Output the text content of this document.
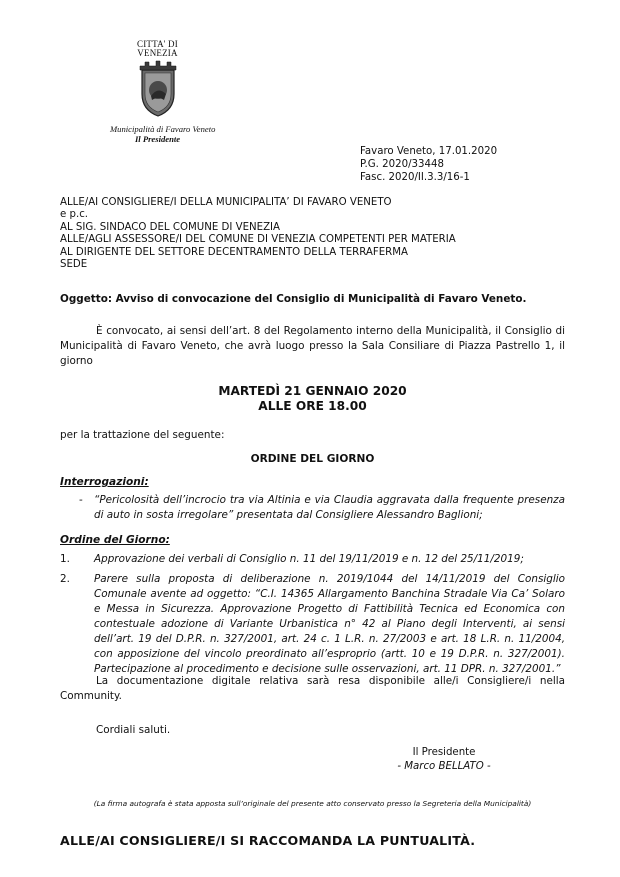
CITTA' DI
VENEZIA
Municipalità di Favaro Veneto
Il Presidente
Favaro Veneto, 17.01.2020
P.G. 2020/33448
Fasc. 2020/II.3.3/16-1
ALLE/AI CONSIGLIERE/I DELLA MUNICIPALITA’ DI FAVARO VENETO
e p.c.
AL SIG. SINDACO DEL COMUNE DI VENEZIA
ALLE/AGLI ASSESSORE/I DEL COMUNE DI VENEZIA COMPETENTI PER MATERIA
AL DIRIGENTE DEL SETTORE DECENTRAMENTO DELLA TERRAFERMA
SEDE
Oggetto: Avviso di convocazione del Consiglio di Municipalità di Favaro Veneto.
È convocato, ai sensi dell’art. 8 del Regolamento interno della Municipalità, il Consiglio di Municipalità di Favaro Veneto, che avrà luogo presso la Sala Consiliare di Piazza Pastrello 1, il giorno
MARTEDÌ 21 GENNAIO 2020
ALLE ORE 18.00
per la trattazione del seguente:
ORDINE DEL GIORNO
Interrogazioni:
- “Pericolosità dell’incrocio tra via Altinia e via Claudia aggravata dalla frequente presenza di auto in sosta irregolare” presentata dal Consigliere Alessandro Baglioni;
Ordine del Giorno:
1. Approvazione dei verbali di Consiglio n. 11 del 19/11/2019 e n. 12 del 25/11/2019;
2. Parere sulla proposta di deliberazione n. 2019/1044 del 14/11/2019 del Consiglio Comunale avente ad oggetto: “C.I. 14365 Allargamento Banchina Stradale Via Ca’ Solaro e Messa in Sicurezza. Approvazione Progetto di Fattibilità Tecnica ed Economica con contestuale adozione di Variante Urbanistica n° 42 al Piano degli Interventi, ai sensi dell’art. 19 del D.P.R. n. 327/2001, art. 24 c. 1 L.R. n. 27/2003 e art. 18 L.R. n. 11/2004, con apposizione del vincolo preordinato all’esproprio (artt. 10 e 19 D.P.R. n. 327/2001). Partecipazione al procedimento e decisione sulle osservazioni, art. 11 DPR. n. 327/2001.”
La documentazione digitale relativa sarà resa disponibile alle/i Consigliere/i nella Community.
Cordiali saluti.
Il Presidente
- Marco BELLATO -
(La firma autografa è stata apposta sull’originale del presente atto conservato presso la Segreteria della Municipalità)
ALLE/AI CONSIGLIERE/I SI RACCOMANDA LA PUNTUALITÀ.
